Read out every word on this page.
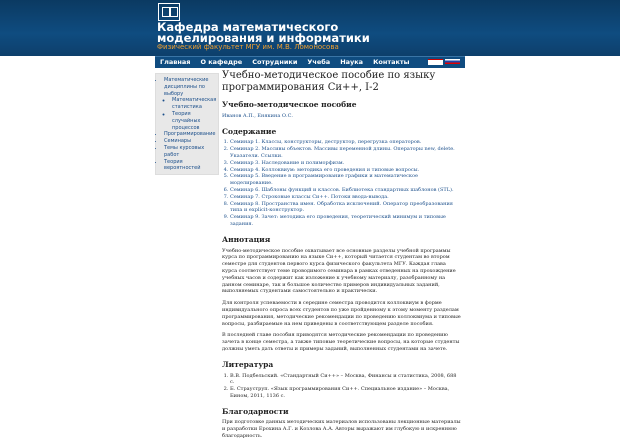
Кафедра математического моделирования и информатики
Физический факультет МГУ им. М.В. Ломоносова
Главная	О кафедре	Сотрудники	Учеба	Наука	Контакты
• Математические дисциплины по выбору
◦ Математическая статистика
◦ Теория случайных процессов
• Программирование
• Семинары
• Темы курсовых работ
• Теория вероятностей
Учебно-методическое пособие по языку программирования Си++, I-2
Учебно-методическое пособие
Иванов А.П., Енякина О.С.
Содержание
1. Семинар 1. Классы, конструкторы, деструктор, перегрузка операторов.
2. Семинар 2. Массивы объектов. Массивы переменной длины. Операторы new, delete. Указатели. Ссылки.
3. Семинар 3. Наследование и полиморфизм.
4. Семинар 4. Коллоквиум: методика его проведения и типовые вопросы.
5. Семинар 5. Введение в программирование графики и математическое моделирование.
6. Семинар 6. Шаблоны функций и классов. Библиотека стандартных шаблонов (STL).
7. Семинар 7. Строковые классы Си++. Потоки ввода-вывода.
8. Семинар 8. Пространства имен. Обработка исключений. Оператор преобразования типа и explicit-конструктор.
9. Семинар 9. Зачет: методика его проведения, теоретический минимум и типовые задания.
Аннотация

Учебно-методическое пособие охватывает все основные разделы учебной программы курса по программированию на языке Си++, который читается студентам во втором семестре для студентов первого курса физического факультета МГУ. Каждая глава курса соответствует теме проводимого семинара в рамках отведенных на прохождение учебных часов и содержит как изложение к учебному материалу, разобранному на данном семинаре, так и большое количество примеров индивидуальных заданий, выполняемых студентами самостоятельно и практически.

Для контроля успеваемости в середине семестра проводится коллоквиум в форме индивидуального опроса всех студентов по уже пройденному к этому моменту разделам программирования, методические рекомендации по проведению коллоквиума и типовые вопросы, разбираемые на нем приведены в соответствующем разделе пособия.

В последней главе пособия приводятся методические рекомендации по проведению зачета в конце семестра, а также типовые теоретические вопросы, на которые студенты должны уметь дать ответы и примеры заданий, выполненных студентами на зачете.

Литература
1. В.В. Подбельский. «Стандартный Си++» – Москва, Финансы и статистика, 2008, 688 с.
2. Б. Страуструп. «Язык программирования Си++. Специальное издание» – Москва, Бином, 2011, 1136 с.
Благодарности

При подготовке данных методических материалов использованы лекционные материалы и разработки Ерохина А.Г. и Козлова А.А. Авторы выражают им глубокую и искреннюю благодарность.
